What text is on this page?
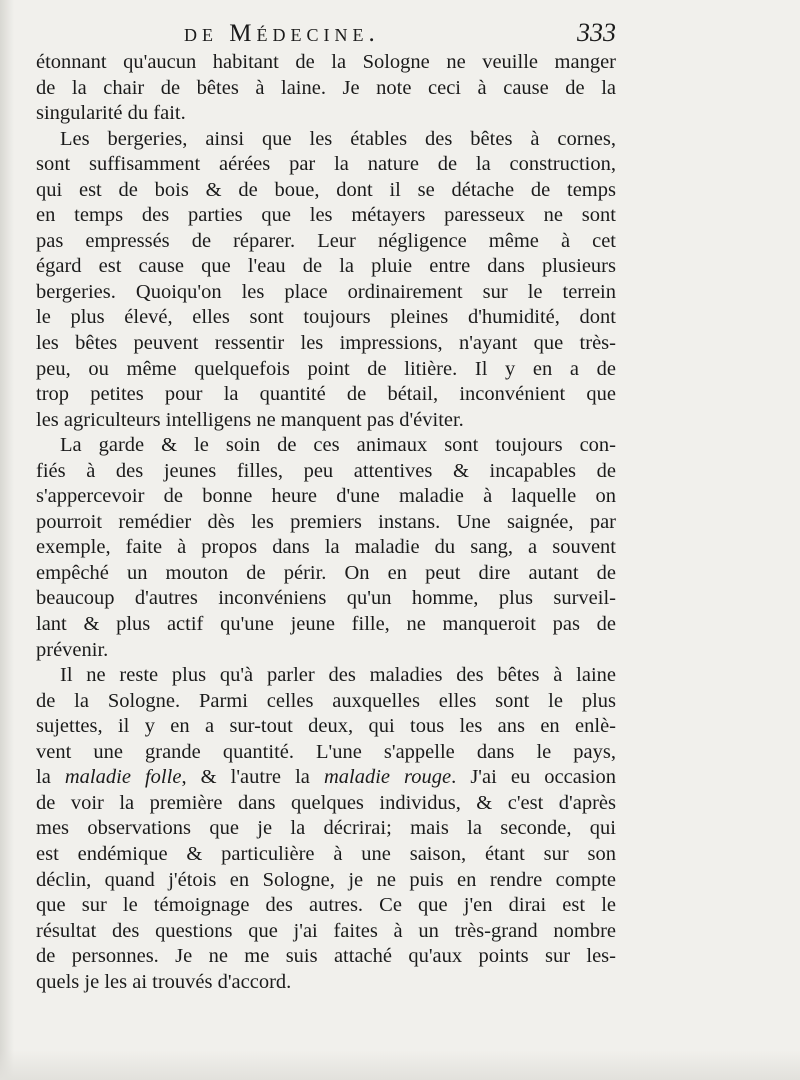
de Médecine.	333
étonnant qu'aucun habitant de la Sologne ne veuille manger
de la chair de bêtes à laine. Je note ceci à cause de la
singularité du fait.
Les bergeries, ainsi que les étables des bêtes à cornes,
sont suffisamment aérées par la nature de la construction,
qui est de bois & de boue, dont il se détache de temps
en temps des parties que les métayers paresseux ne sont
pas empressés de réparer. Leur négligence même à cet
égard est cause que l'eau de la pluie entre dans plusieurs
bergeries. Quoiqu'on les place ordinairement sur le terrein
le plus élevé, elles sont toujours pleines d'humidité, dont
les bêtes peuvent ressentir les impressions, n'ayant que très-
peu, ou même quelquefois point de litière. Il y en a de
trop petites pour la quantité de bétail, inconvénient que
les agriculteurs intelligens ne manquent pas d'éviter.
La garde & le soin de ces animaux sont toujours con-
fiés à des jeunes filles, peu attentives & incapables de
s'appercevoir de bonne heure d'une maladie à laquelle on
pourroit remédier dès les premiers instans. Une saignée, par
exemple, faite à propos dans la maladie du sang, a souvent
empêché un mouton de périr. On en peut dire autant de
beaucoup d'autres inconvéniens qu'un homme, plus surveil-
lant & plus actif qu'une jeune fille, ne manqueroit pas de
prévenir.
Il ne reste plus qu'à parler des maladies des bêtes à laine
de la Sologne. Parmi celles auxquelles elles sont le plus
sujettes, il y en a sur-tout deux, qui tous les ans en enlè-
vent une grande quantité. L'une s'appelle dans le pays,
la maladie folle, & l'autre la maladie rouge. J'ai eu occasion
de voir la première dans quelques individus, & c'est d'après
mes observations que je la décrirai; mais la seconde, qui
est endémique & particulière à une saison, étant sur son
déclin, quand j'étois en Sologne, je ne puis en rendre compte
que sur le témoignage des autres. Ce que j'en dirai est le
résultat des questions que j'ai faites à un très-grand nombre
de personnes. Je ne me suis attaché qu'aux points sur les-
quels je les ai trouvés d'accord.
